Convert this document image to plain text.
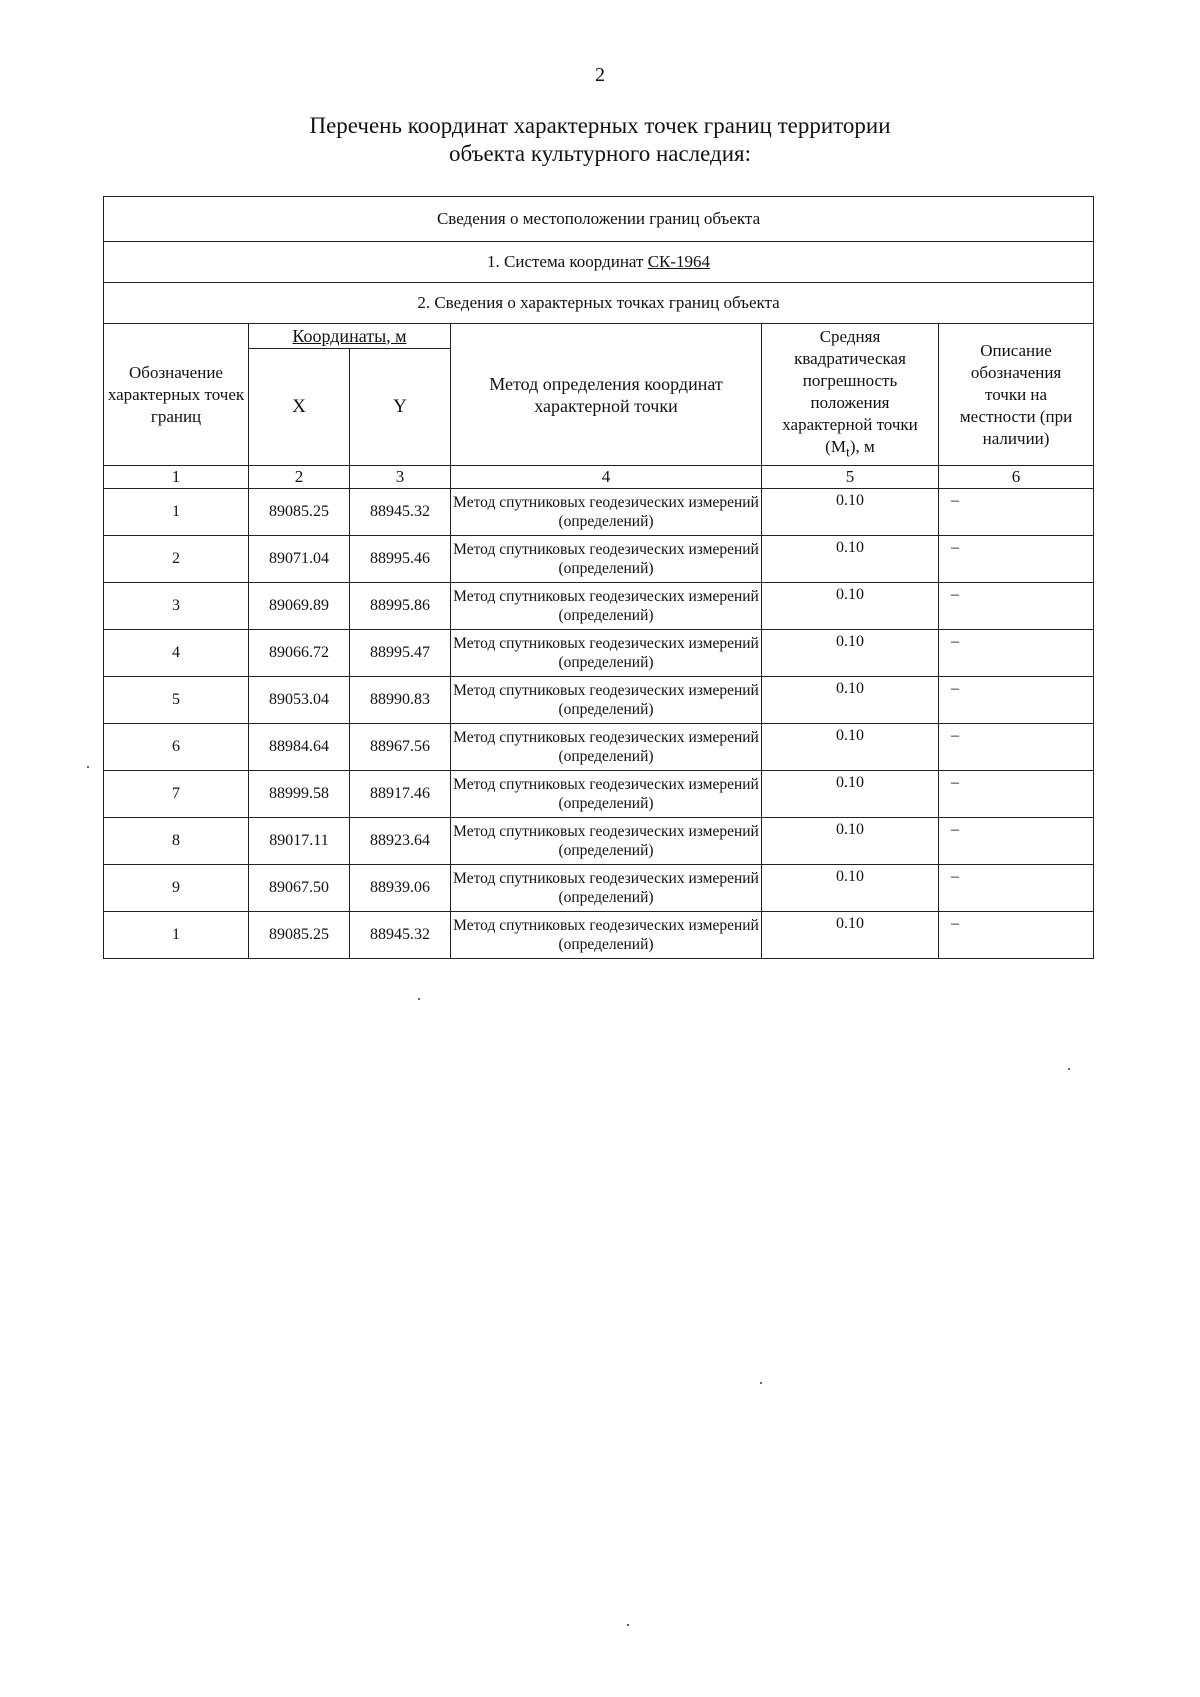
2
Перечень координат характерных точек границ территории
объекта культурного наследия:
Сведения о местоположении границ объекта					
1. Система координат СК-1964					
2. Сведения о характерных точках границ объекта					
Обозначение характерных точек границ	Координаты, м		Метод определения координат характерной точки	Средняя квадратическая погрешность положения характерной точки $(M_t)$, м	Описание обозначения точки на местности (при наличии)
	X	Y			
1	2	3	4	5	6
1	89085.25	88945.32	Метод спутниковых геодезических измерений (определений)	0.10	–
2	89071.04	88995.46	Метод спутниковых геодезических измерений (определений)	0.10	–
3	89069.89	88995.86	Метод спутниковых геодезических измерений (определений)	0.10	–
4	89066.72	88995.47	Метод спутниковых геодезических измерений (определений)	0.10	–
5	89053.04	88990.83	Метод спутниковых геодезических измерений (определений)	0.10	–
6	88984.64	88967.56	Метод спутниковых геодезических измерений (определений)	0.10	–
7	88999.58	88917.46	Метод спутниковых геодезических измерений (определений)	0.10	–
8	89017.11	88923.64	Метод спутниковых геодезических измерений (определений)	0.10	–
9	89067.50	88939.06	Метод спутниковых геодезических измерений (определений)	0.10	–
1	89085.25	88945.32	Метод спутниковых геодезических измерений (определений)	0.10	–
